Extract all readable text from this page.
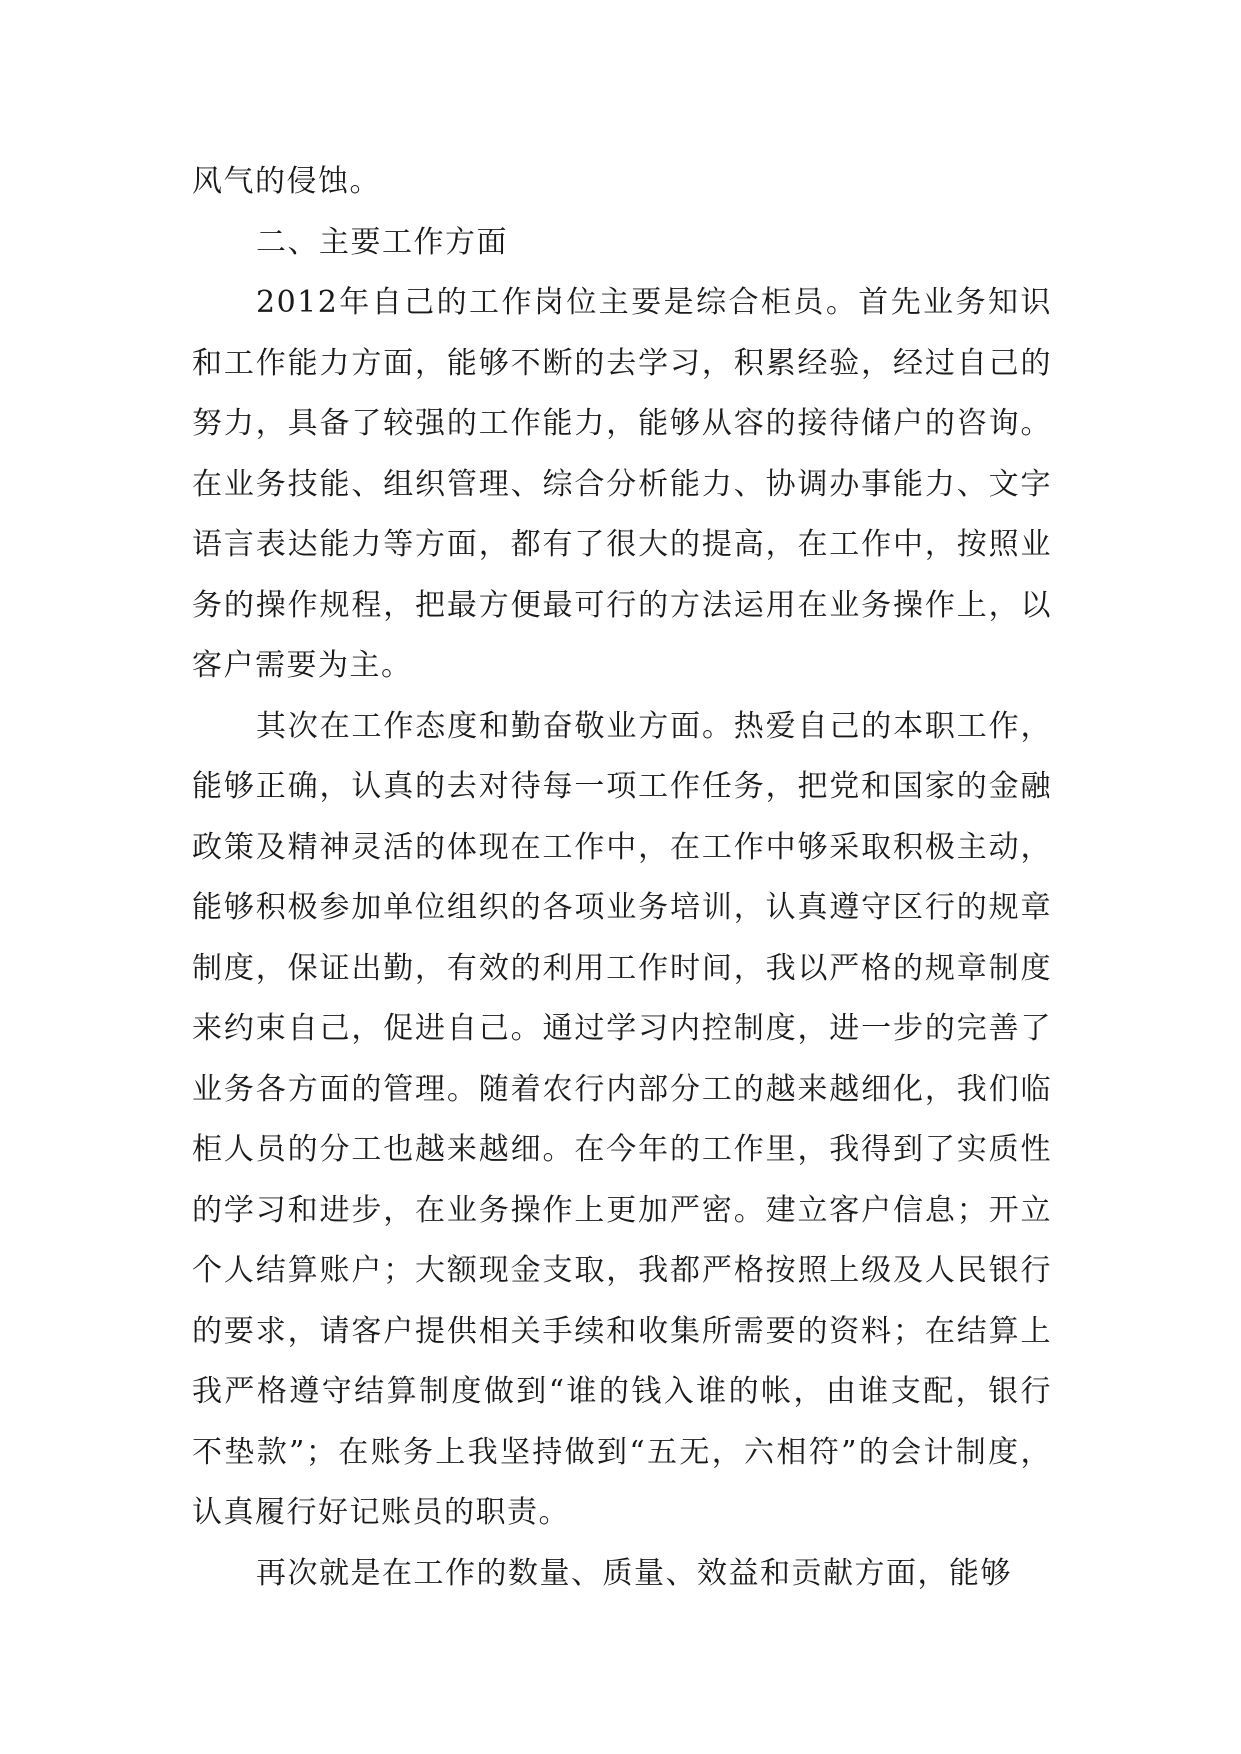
风气的侵蚀。

二、主要工作方面

2012年自己的工作岗位主要是综合柜员。首先业务知识和工作能力方面，能够不断的去学习，积累经验，经过自己的努力，具备了较强的工作能力，能够从容的接待储户的咨询。在业务技能、组织管理、综合分析能力、协调办事能力、文字语言表达能力等方面，都有了很大的提高，在工作中，按照业务的操作规程，把最方便最可行的方法运用在业务操作上，以客户需要为主。

其次在工作态度和勤奋敬业方面。热爱自己的本职工作，能够正确，认真的去对待每一项工作任务，把党和国家的金融政策及精神灵活的体现在工作中，在工作中够采取积极主动，能够积极参加单位组织的各项业务培训，认真遵守区行的规章制度，保证出勤，有效的利用工作时间，我以严格的规章制度来约束自己，促进自己。通过学习内控制度，进一步的完善了业务各方面的管理。随着农行内部分工的越来越细化，我们临柜人员的分工也越来越细。在今年的工作里，我得到了实质性的学习和进步，在业务操作上更加严密。建立客户信息；开立个人结算账户；大额现金支取，我都严格按照上级及人民银行的要求，请客户提供相关手续和收集所需要的资料；在结算上我严格遵守结算制度做到“谁的钱入谁的帐，由谁支配，银行不垫款”；在账务上我坚持做到“五无，六相符”的会计制度，认真履行好记账员的职责。

再次就是在工作的数量、质量、效益和贡献方面，能够
